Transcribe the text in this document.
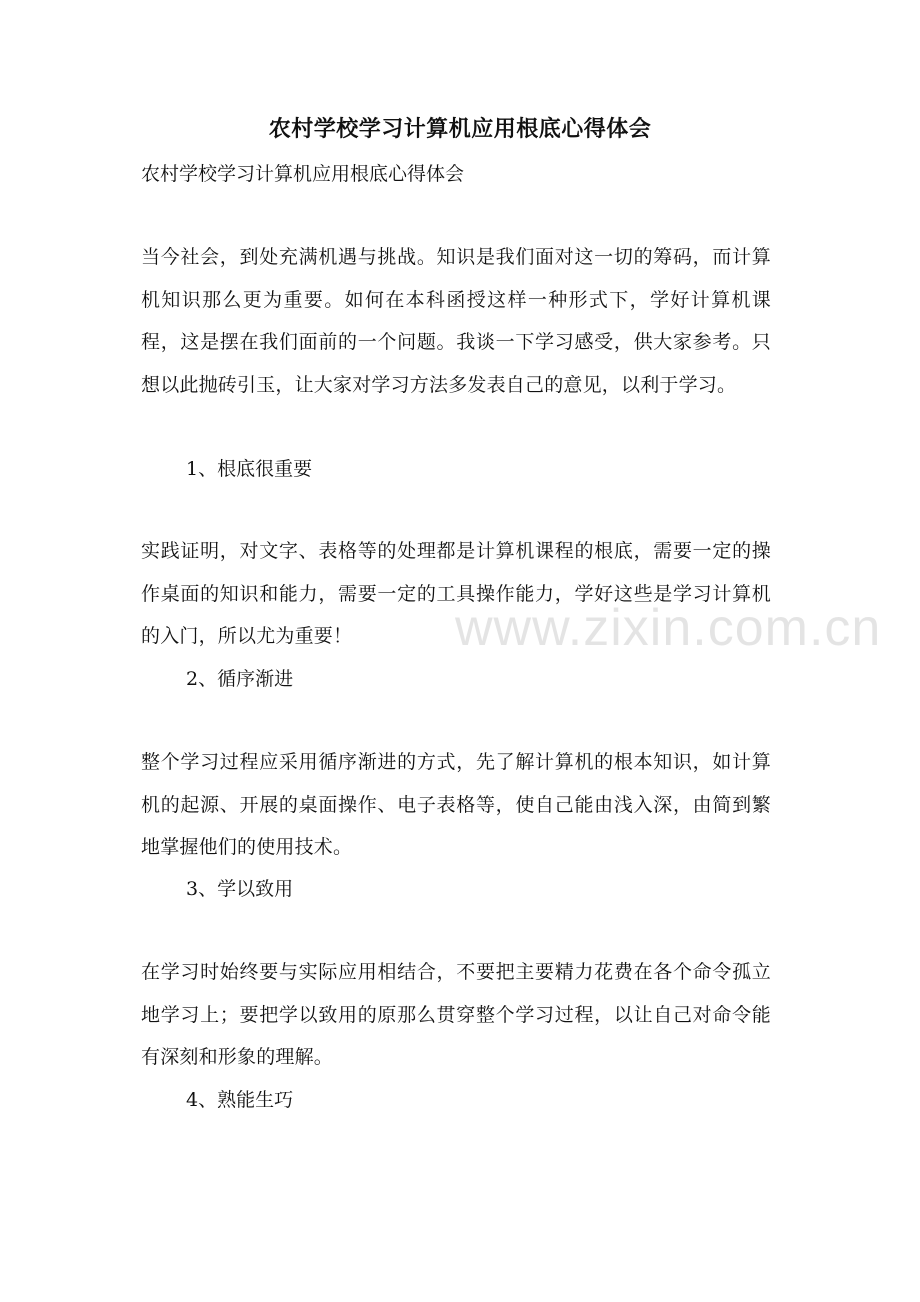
农村学校学习计算机应用根底心得体会
农村学校学习计算机应用根底心得体会
当今社会，到处充满机遇与挑战。知识是我们面对这一切的筹码，而计算机知识那么更为重要。如何在本科函授这样一种形式下，学好计算机课程，这是摆在我们面前的一个问题。我谈一下学习感受，供大家参考。只想以此抛砖引玉，让大家对学习方法多发表自己的意见，以利于学习。
1、根底很重要
实践证明，对文字、表格等的处理都是计算机课程的根底，需要一定的操作桌面的知识和能力，需要一定的工具操作能力，学好这些是学习计算机的入门，所以尤为重要！
2、循序渐进
整个学习过程应采用循序渐进的方式，先了解计算机的根本知识，如计算机的起源、开展的桌面操作、电子表格等，使自己能由浅入深，由简到繁地掌握他们的使用技术。
3、学以致用
在学习时始终要与实际应用相结合，不要把主要精力花费在各个命令孤立地学习上；要把学以致用的原那么贯穿整个学习过程，以让自己对命令能有深刻和形象的理解。
4、熟能生巧
www.zixin.com.cn
